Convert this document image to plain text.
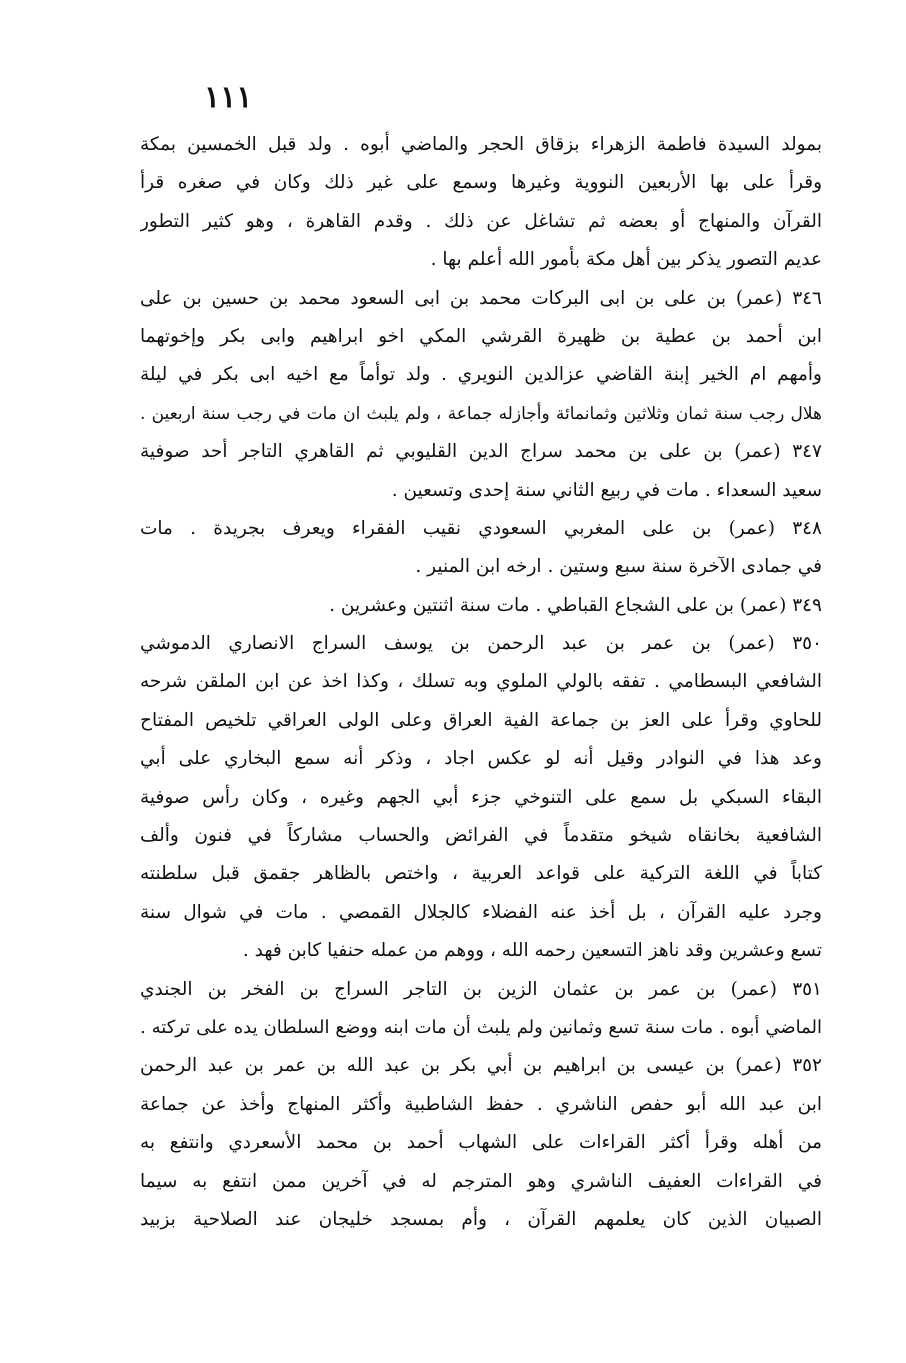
١١١
بمولد السيدة فاطمة الزهراء بزقاق الحجر والماضي أبوه . ولد قبل الخمسين بمكة
وقرأ على بها الأربعين النووية وغيرها وسمع على غير ذلك وكان في صغره قرأ
القرآن والمنهاج أو بعضه ثم تشاغل عن ذلك . وقدم القاهرة ، وهو كثير التطور
عديم التصور يذكر بين أهل مكة بأمور الله أعلم بها .
٣٤٦ (عمر) بن على بن ابى البركات محمد بن ابى السعود محمد بن حسين بن على
ابن أحمد بن عطية بن ظهيرة القرشي المكي اخو ابراهيم وابى بكر وإخوتهما
وأمهم ام الخير إبنة القاضي عزالدين النويري . ولد توأماً مع اخيه ابى بكر في ليلة
هلال رجب سنة ثمان وثلاثين وثمانمائة وأجازله جماعة ، ولم يلبث ان مات في رجب سنة اربعين .
٣٤٧ (عمر) بن على بن محمد سراج الدين القليوبي ثم القاهري التاجر أحد صوفية
سعيد السعداء . مات في ربيع الثاني سنة إحدى وتسعين .
٣٤٨ (عمر) بن على المغربي السعودي نقيب الفقراء ويعرف بجريدة . مات
في جمادى الآخرة سنة سبع وستين . ارخه ابن المنير .
٣٤٩ (عمر) بن على الشجاع القباطي . مات سنة اثنتين وعشرين .
٣٥٠ (عمر) بن عمر بن عبد الرحمن بن يوسف السراج الانصاري الدموشي
الشافعي البسطامي . تفقه بالولي الملوي وبه تسلك ، وكذا اخذ عن ابن الملقن شرحه
للحاوي وقرأ على العز بن جماعة الفية العراق وعلى الولى العراقي تلخيص المفتاح
وعد هذا في النوادر وقيل أنه لو عكس اجاد ، وذكر أنه سمع البخاري على أبي
البقاء السبكي بل سمع على التنوخي جزء أبي الجهم وغيره ، وكان رأس صوفية
الشافعية بخانقاه شيخو متقدماً في الفرائض والحساب مشاركاً في فنون وألف
كتاباً في اللغة التركية على قواعد العربية ، واختص بالظاهر جقمق قبل سلطنته
وجرد عليه القرآن ، بل أخذ عنه الفضلاء كالجلال القمصي . مات في شوال سنة
تسع وعشرين وقد ناهز التسعين رحمه الله ، ووهم من عمله حنفيا كابن فهد .
٣٥١ (عمر) بن عمر بن عثمان الزين بن التاجر السراج بن الفخر بن الجندي
الماضي أبوه . مات سنة تسع وثمانين ولم يلبث أن مات ابنه ووضع السلطان يده على تركته .
٣٥٢ (عمر) بن عيسى بن ابراهيم بن أبي بكر بن عبد الله بن عمر بن عبد الرحمن
ابن عبد الله أبو حفص الناشري . حفظ الشاطبية وأكثر المنهاج وأخذ عن جماعة
من أهله وقرأ أكثر القراءات على الشهاب أحمد بن محمد الأسعردي وانتفع به
في القراءات العفيف الناشري وهو المترجم له في آخرين ممن انتفع به سيما
الصبيان الذين كان يعلمهم القرآن ، وأم بمسجد خليجان عند الصلاحية بزبيد
